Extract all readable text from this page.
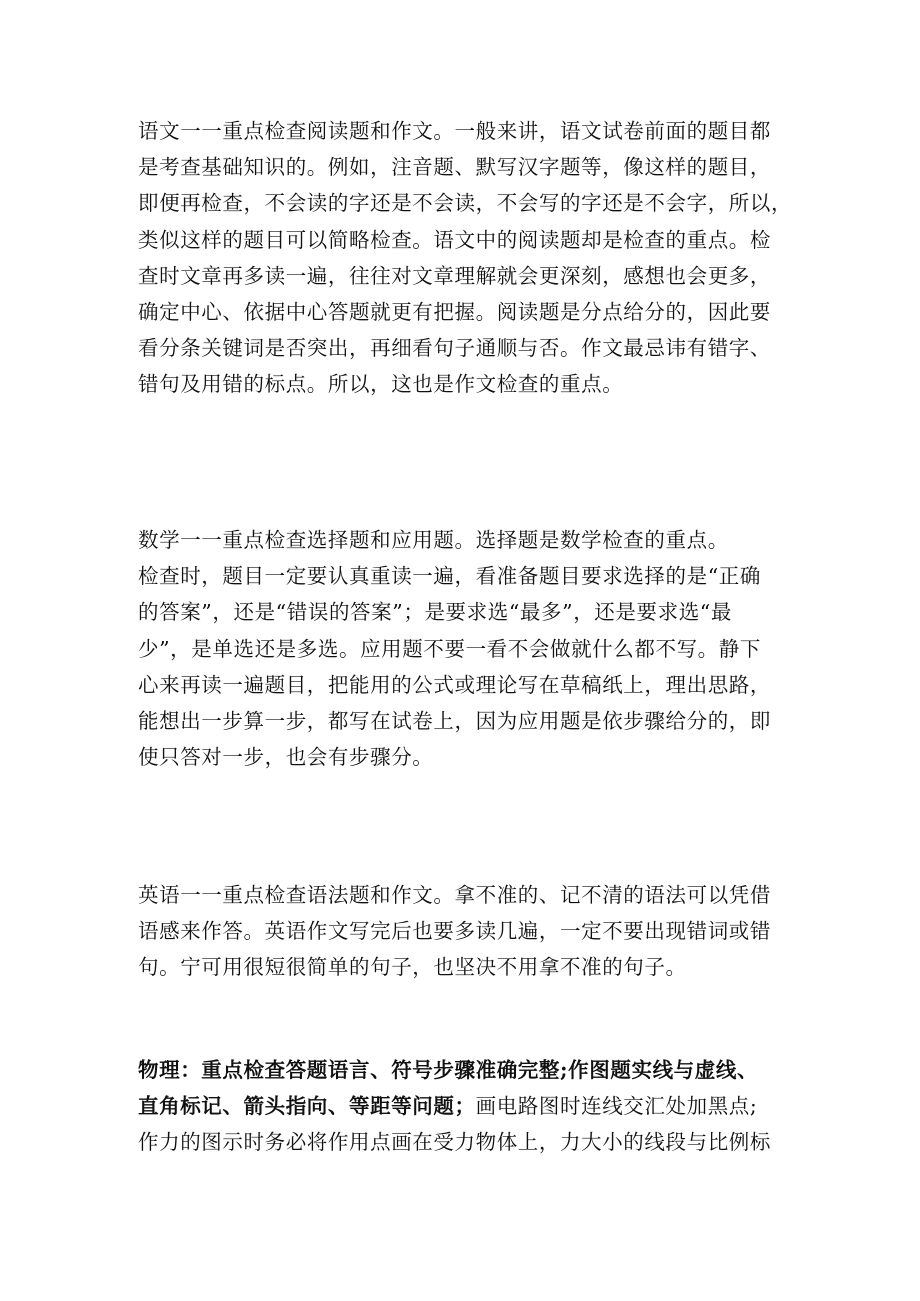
语文一一重点检查阅读题和作文。一般来讲，语文试卷前面的题目都
是考查基础知识的。例如，注音题、默写汉字题等，像这样的题目，
即便再检查，不会读的字还是不会读，不会写的字还是不会字，所以，
类似这样的题目可以简略检查。语文中的阅读题却是检查的重点。检
查时文章再多读一遍，往往对文章理解就会更深刻，感想也会更多，
确定中心、依据中心答题就更有把握。阅读题是分点给分的，因此要
看分条关键词是否突出，再细看句子通顺与否。作文最忌讳有错字、
错句及用错的标点。所以，这也是作文检查的重点。
数学一一重点检查选择题和应用题。选择题是数学检查的重点。
检查时，题目一定要认真重读一遍，看准备题目要求选择的是“正确
的答案”，还是“错误的答案”；是要求选“最多”，还是要求选“最
少”，是单选还是多选。应用题不要一看不会做就什么都不写。静下
心来再读一遍题目，把能用的公式或理论写在草稿纸上，理出思路，
能想出一步算一步，都写在试卷上，因为应用题是依步骤给分的，即
使只答对一步，也会有步骤分。
英语一一重点检查语法题和作文。拿不准的、记不清的语法可以凭借
语感来作答。英语作文写完后也要多读几遍，一定不要出现错词或错
句。宁可用很短很简单的句子，也坚决不用拿不准的句子。
物理：重点检查答题语言、符号步骤准确完整;作图题实线与虚线、
直角标记、箭头指向、等距等问题；画电路图时连线交汇处加黑点;
作力的图示时务必将作用点画在受力物体上，力大小的线段与比例标
